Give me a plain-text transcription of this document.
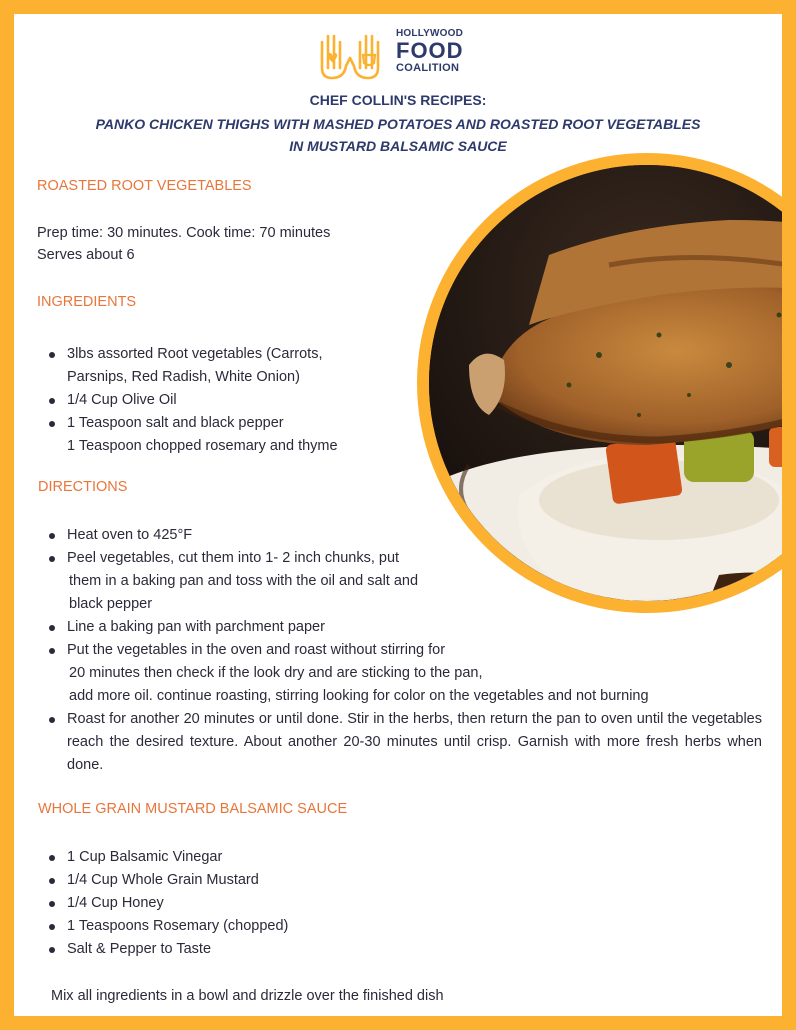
HOLLYWOOD
FOOD
COALITION
CHEF COLLIN'S RECIPES:
PANKO CHICKEN THIGHS WITH MASHED POTATOES AND ROASTED ROOT VEGETABLES
IN MUSTARD BALSAMIC SAUCE
ROASTED ROOT VEGETABLES
Prep time: 30 minutes. Cook time: 70 minutes
Serves about 6
INGREDIENTS
3lbs assorted Root vegetables (Carrots,
Parsnips, Red Radish, White Onion)
1/4 Cup Olive Oil
1 Teaspoon salt and black pepper
1 Teaspoon chopped rosemary and thyme
DIRECTIONS
Heat oven to 425°F
Peel vegetables, cut them into 1- 2 inch chunks, put
them in a baking pan and toss with the oil and salt and
black pepper
Line a baking pan with parchment paper
Put the vegetables in the oven and roast without stirring for
20 minutes then check if the look dry and are sticking to the pan,
add more oil. continue roasting, stirring looking for color on the vegetables and not burning
Roast for another 20 minutes or until done. Stir in the herbs, then return the pan to oven until the vegetables reach the desired texture. About another 20-30 minutes until crisp. Garnish with more fresh herbs when done.
WHOLE GRAIN MUSTARD BALSAMIC SAUCE
1 Cup Balsamic Vinegar
1/4 Cup Whole Grain Mustard
1/4 Cup Honey
1 Teaspoons Rosemary (chopped)
Salt & Pepper to Taste
Mix all ingredients in a bowl and drizzle over the finished dish
